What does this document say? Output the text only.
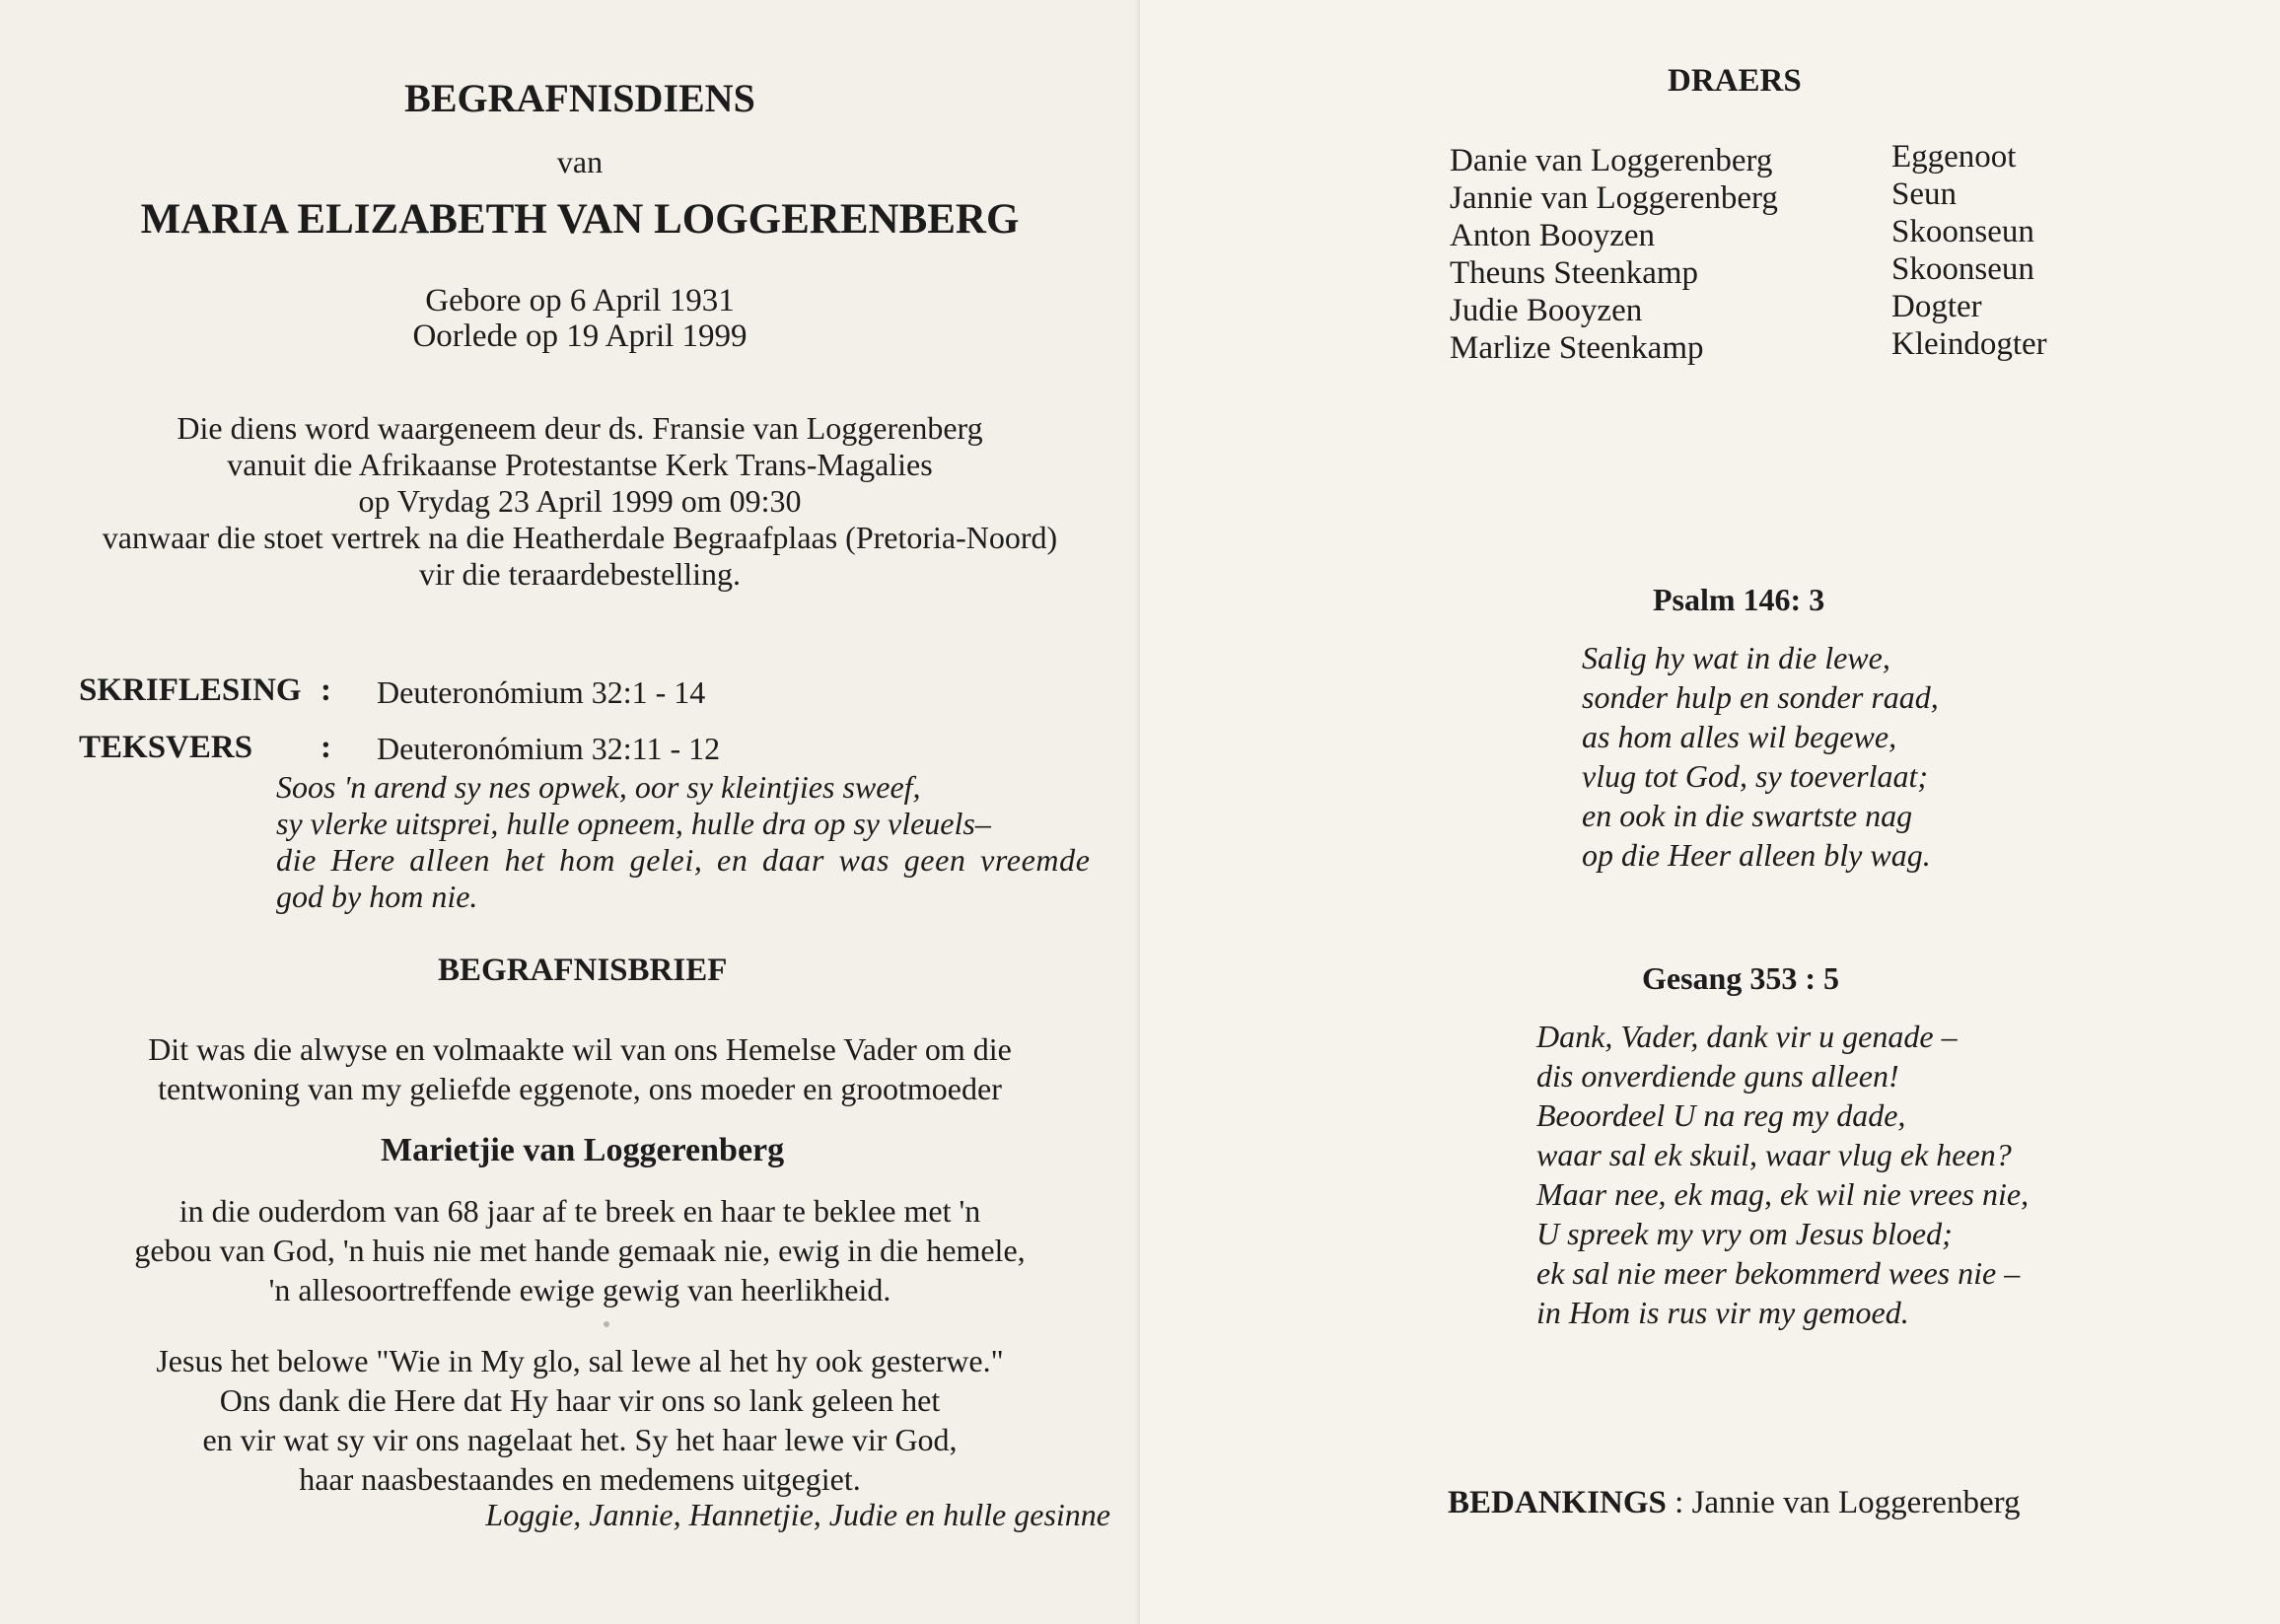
BEGRAFNISDIENS
van
MARIA ELIZABETH VAN LOGGERENBERG
Gebore op 6 April 1931
Oorlede op 19 April 1999
Die diens word waargeneem deur ds. Fransie van Loggerenberg
vanuit die Afrikaanse Protestantse Kerk Trans-Magalies
op Vrydag 23 April 1999 om 09:30
vanwaar die stoet vertrek na die Heatherdale Begraafplaas (Pretoria-Noord)
vir die teraardebestelling.
SKRIFLESING : Deuteronómium 32:1 - 14
TEKSVERS : Deuteronómium 32:11 - 12
Soos 'n arend sy nes opwek, oor sy kleintjies sweef,
sy vlerke uitsprei, hulle opneem, hulle dra op sy vleuels–
die Here alleen het hom gelei, en daar was geen vreemde
god by hom nie.
BEGRAFNISBRIEF
Dit was die alwyse en volmaakte wil van ons Hemelse Vader om die
tentwoning van my geliefde eggenote, ons moeder en grootmoeder
Marietjie van Loggerenberg
in die ouderdom van 68 jaar af te breek en haar te beklee met 'n
gebou van God, 'n huis nie met hande gemaak nie, ewig in die hemele,
'n allesoortreffende ewige gewig van heerlikheid.
Jesus het belowe "Wie in My glo, sal lewe al het hy ook gesterwe."
Ons dank die Here dat Hy haar vir ons so lank geleen het
en vir wat sy vir ons nagelaat het. Sy het haar lewe vir God,
haar naasbestaandes en medemens uitgegiet.
Loggie, Jannie, Hannetjie, Judie en hulle gesinne
DRAERS
Danie van Loggerenberg
Jannie van Loggerenberg
Anton Booyzen
Theuns Steenkamp
Judie Booyzen
Marlize Steenkamp
Eggenoot
Seun
Skoonseun
Skoonseun
Dogter
Kleindogter
Psalm 146: 3
Salig hy wat in die lewe,
sonder hulp en sonder raad,
as hom alles wil begewe,
vlug tot God, sy toeverlaat;
en ook in die swartste nag
op die Heer alleen bly wag.
Gesang 353 : 5
Dank, Vader, dank vir u genade –
dis onverdiende guns alleen!
Beoordeel U na reg my dade,
waar sal ek skuil, waar vlug ek heen?
Maar nee, ek mag, ek wil nie vrees nie,
U spreek my vry om Jesus bloed;
ek sal nie meer bekommerd wees nie –
in Hom is rus vir my gemoed.
BEDANKINGS : Jannie van Loggerenberg
